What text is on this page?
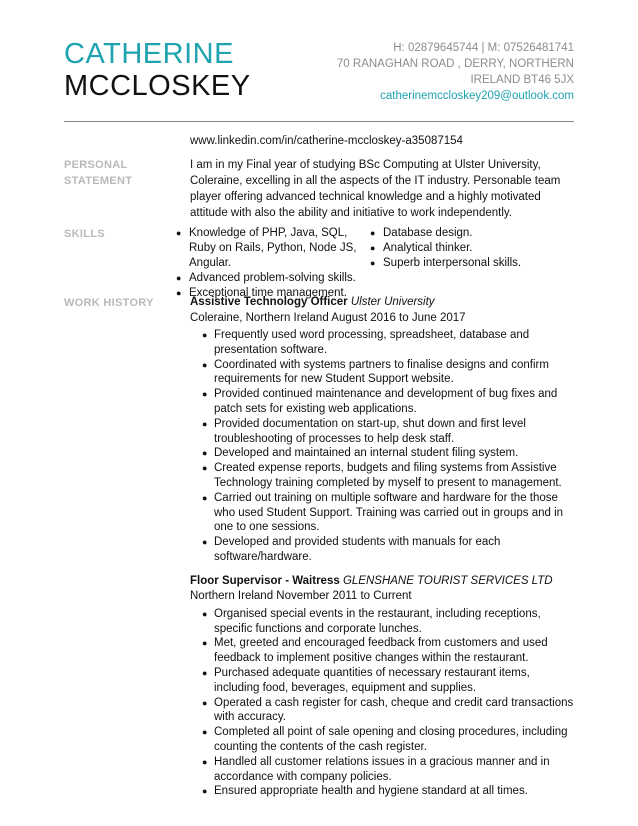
CATHERINE
MCCLOSKEY
H: 02879645744 | M: 07526481741
70 RANAGHAN ROAD , DERRY, NORTHERN
IRELAND BT46 5JX
catherinemccloskey209@outlook.com
www.linkedin.com/in/catherine-mccloskey-a35087154
PERSONAL
STATEMENT
I am in my Final year of studying BSc Computing at Ulster University, Coleraine, excelling in all the aspects of the IT industry. Personable team player offering advanced technical knowledge and a highly motivated attitude with also the ability and initiative to work independently.
SKILLS
●	Knowledge of PHP, Java, SQL, Ruby on Rails, Python, Node JS, Angular.
● Advanced problem-solving skills.
● Exceptional time management.
● Database design.
● Analytical thinker.
● Superb interpersonal skills.
WORK HISTORY	Assistive Technology Officer Ulster University
Coleraine, Northern Ireland August 2016 to June 2017
● Frequently used word processing, spreadsheet, database and presentation software.
● Coordinated with systems partners to finalise designs and confirm requirements for new Student Support website.
● Provided continued maintenance and development of bug fixes and patch sets for existing web applications.
● Provided documentation on start-up, shut down and first level troubleshooting of processes to help desk staff.
● Developed and maintained an internal student filing system.
● Created expense reports, budgets and filing systems from Assistive Technology training completed by myself to present to management.
● Carried out training on multiple software and hardware for the those who used Student Support. Training was carried out in groups and in one to one sessions.
● Developed and provided students with manuals for each software/hardware.
Floor Supervisor - Waitress GLENSHANE TOURIST SERVICES LTD
Northern Ireland November 2011 to Current
● Organised special events in the restaurant, including receptions, specific functions and corporate lunches.
● Met, greeted and encouraged feedback from customers and used feedback to implement positive changes within the restaurant.
● Purchased adequate quantities of necessary restaurant items, including food, beverages, equipment and supplies.
● Operated a cash register for cash, cheque and credit card transactions with accuracy.
● Completed all point of sale opening and closing procedures, including counting the contents of the cash register.
● Handled all customer relations issues in a gracious manner and in accordance with company policies.
● Ensured appropriate health and hygiene standard at all times.
